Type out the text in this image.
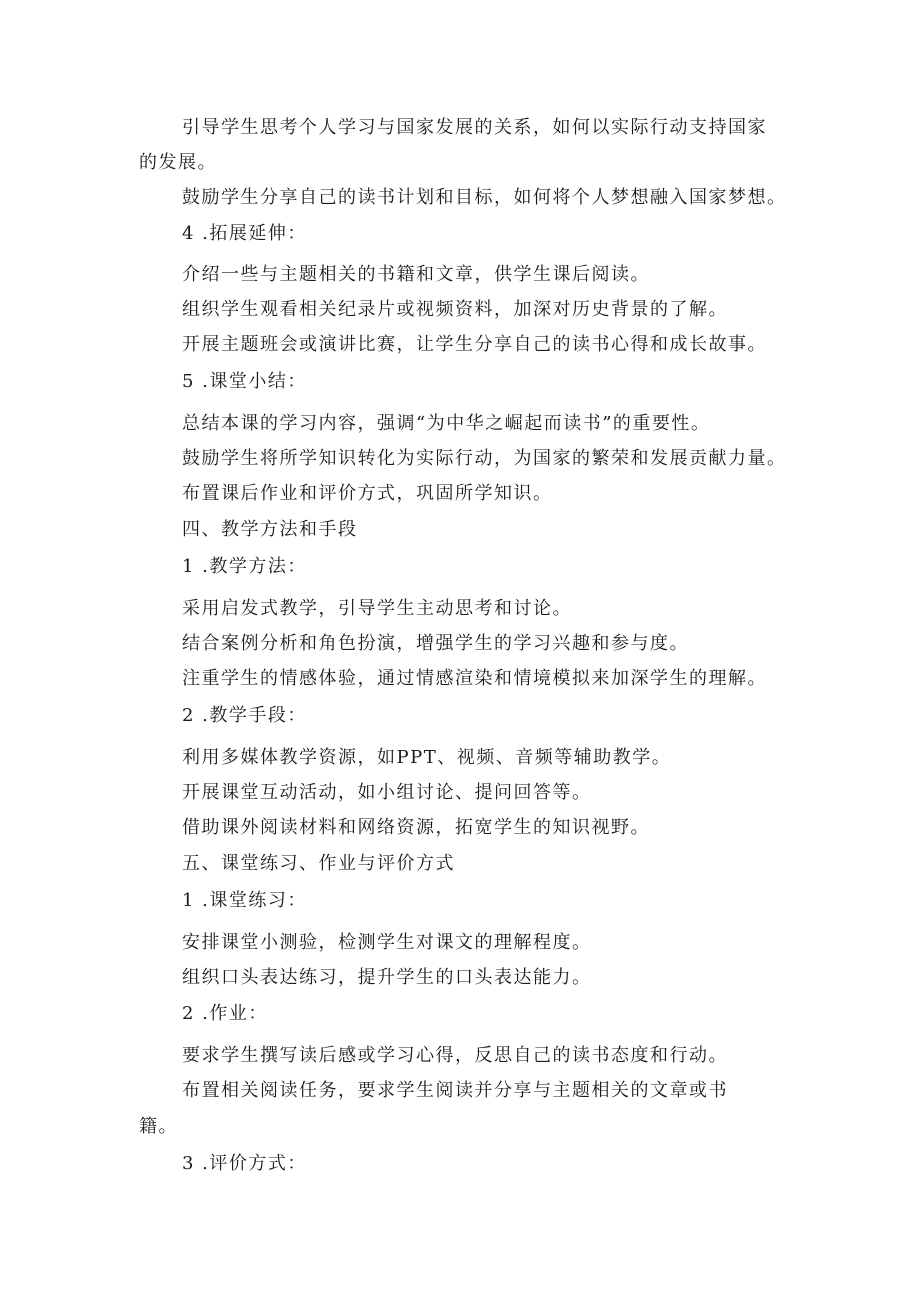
引导学生思考个人学习与国家发展的关系，如何以实际行动支持国家
的发展。
鼓励学生分享自己的读书计划和目标，如何将个人梦想融入国家梦想。
4 .拓展延伸：
介绍一些与主题相关的书籍和文章，供学生课后阅读。
组织学生观看相关纪录片或视频资料，加深对历史背景的了解。
开展主题班会或演讲比赛，让学生分享自己的读书心得和成长故事。
5 .课堂小结：
总结本课的学习内容，强调“为中华之崛起而读书”的重要性。
鼓励学生将所学知识转化为实际行动，为国家的繁荣和发展贡献力量。
布置课后作业和评价方式，巩固所学知识。
四、教学方法和手段
1 .教学方法：
采用启发式教学，引导学生主动思考和讨论。
结合案例分析和角色扮演，增强学生的学习兴趣和参与度。
注重学生的情感体验，通过情感渲染和情境模拟来加深学生的理解。
2 .教学手段：
利用多媒体教学资源，如PPT、视频、音频等辅助教学。
开展课堂互动活动，如小组讨论、提问回答等。
借助课外阅读材料和网络资源，拓宽学生的知识视野。
五、课堂练习、作业与评价方式
1 .课堂练习：
安排课堂小测验，检测学生对课文的理解程度。
组织口头表达练习，提升学生的口头表达能力。
2 .作业：
要求学生撰写读后感或学习心得，反思自己的读书态度和行动。
布置相关阅读任务，要求学生阅读并分享与主题相关的文章或书
籍。
3 .评价方式：
